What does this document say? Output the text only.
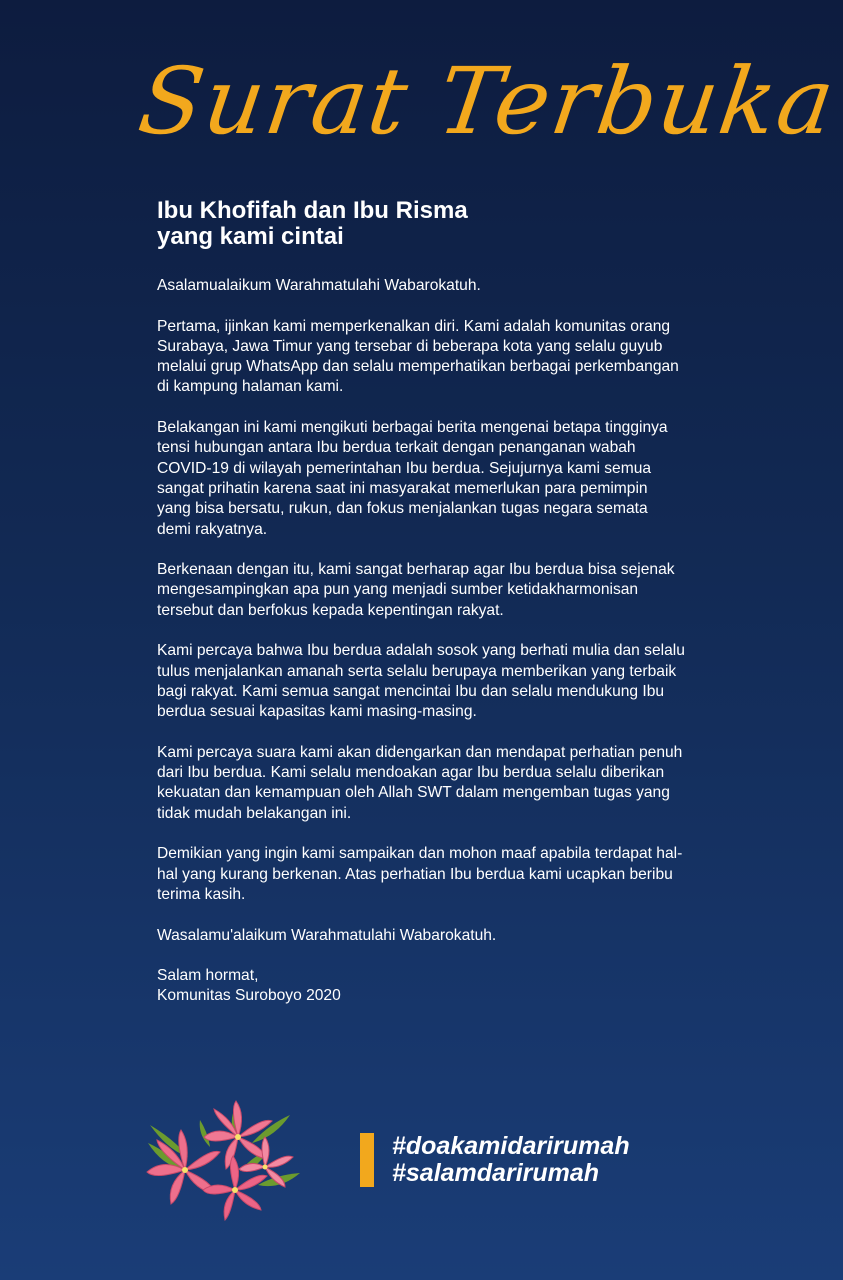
Surat Terbuka
Ibu Khofifah dan Ibu Risma
yang kami cintai

Asalamualaikum Warahmatulahi Wabarokatuh.

Pertama, ijinkan kami memperkenalkan diri. Kami adalah komunitas orang Surabaya, Jawa Timur yang tersebar di beberapa kota yang selalu guyub melalui grup WhatsApp dan selalu memperhatikan berbagai perkembangan di kampung halaman kami.

Belakangan ini kami mengikuti berbagai berita mengenai betapa tingginya tensi hubungan antara Ibu berdua terkait dengan penanganan wabah COVID-19 di wilayah pemerintahan Ibu berdua. Sejujurnya kami semua sangat prihatin karena saat ini masyarakat memerlukan para pemimpin yang bisa bersatu, rukun, dan fokus menjalankan tugas negara semata demi rakyatnya.

Berkenaan dengan itu, kami sangat berharap agar Ibu berdua bisa sejenak mengesampingkan apa pun yang menjadi sumber ketidakharmonisan tersebut dan berfokus kepada kepentingan rakyat.

Kami percaya bahwa Ibu berdua adalah sosok yang berhati mulia dan selalu tulus menjalankan amanah serta selalu berupaya memberikan yang terbaik bagi rakyat. Kami semua sangat mencintai Ibu dan selalu mendukung Ibu berdua sesuai kapasitas kami masing-masing.

Kami percaya suara kami akan didengarkan dan mendapat perhatian penuh dari Ibu berdua. Kami selalu mendoakan agar Ibu berdua selalu diberikan kekuatan dan kemampuan oleh Allah SWT dalam mengemban tugas yang tidak mudah belakangan ini.

Demikian yang ingin kami sampaikan dan mohon maaf apabila terdapat hal-hal yang kurang berkenan. Atas perhatian Ibu berdua kami ucapkan beribu terima kasih.

Wasalamu'alaikum Warahmatulahi Wabarokatuh.

Salam hormat,
Komunitas Suroboyo 2020
#doakamidarirumah
#salamdarirumah
